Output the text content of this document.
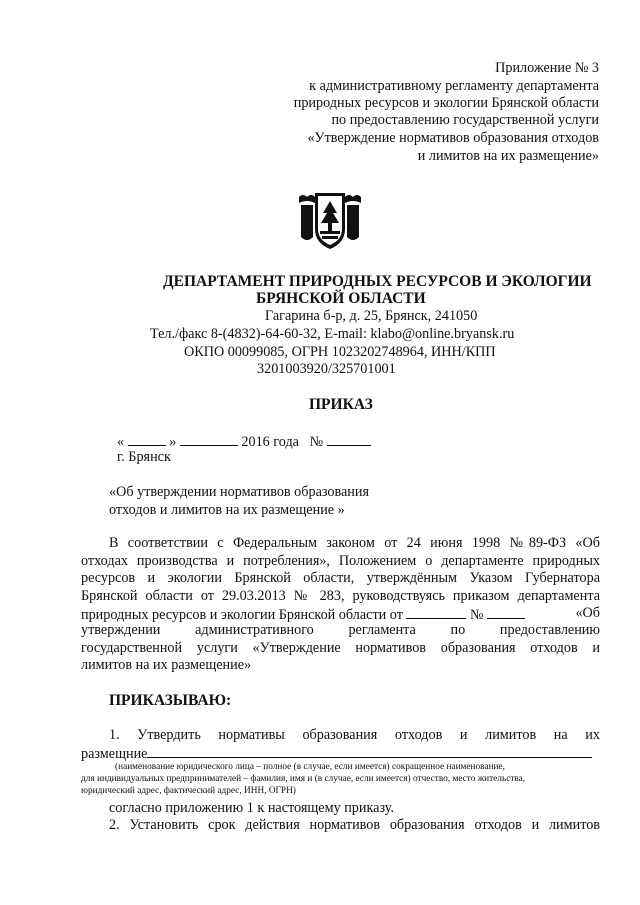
Приложение № 3
к административному регламенту департамента
природных ресурсов и экологии Брянской области
по предоставлению государственной услуги
«Утверждение нормативов образования отходов
и лимитов на их размещение»
ДЕПАРТАМЕНТ ПРИРОДНЫХ РЕСУРСОВ И ЭКОЛОГИИ
БРЯНСКОЙ ОБЛАСТИ
Гагарина б-р, д. 25, Брянск, 241050
Тел./факс 8-(4832)-64-60-32, E-mail: klabo@online.bryansk.ru
ОКПО 00099085, ОГРН 1023202748964, ИНН/КПП
3201003920/325701001
ПРИКАЗ
«	»	2016 года №
г. Брянск
«Об утверждении нормативов образования
отходов и лимитов на их размещение »
В соответствии с Федеральным законом от 24 июня 1998 №89-ФЗ «Об
отходах производства и потребления», Положением о департаменте природных
ресурсов и экологии Брянской области, утверждённым Указом Губернатора
Брянской области от 29.03.2013 № 283, руководствуясь приказом департамента
природных ресурсов и экологии Брянской области от	№	«Об
утверждении административного регламента по предоставлению
государственной услуги «Утверждение нормативов образования отходов и
лимитов на их размещение»
ПРИКАЗЫВАЮ:
1. Утвердить нормативы образования отходов и лимитов на их
размещние
(наименование юридического лица – полное (в случае, если имеется) сокращенное наименование,
для индивидуальных предпринимателей – фамилия, имя и (в случае, если имеется) отчество, место жительства,
юридический адрес, фактический адрес, ИНН, ОГРН)
согласно приложению 1 к настоящему приказу.
2. Установить срок действия нормативов образования отходов и лимитов
